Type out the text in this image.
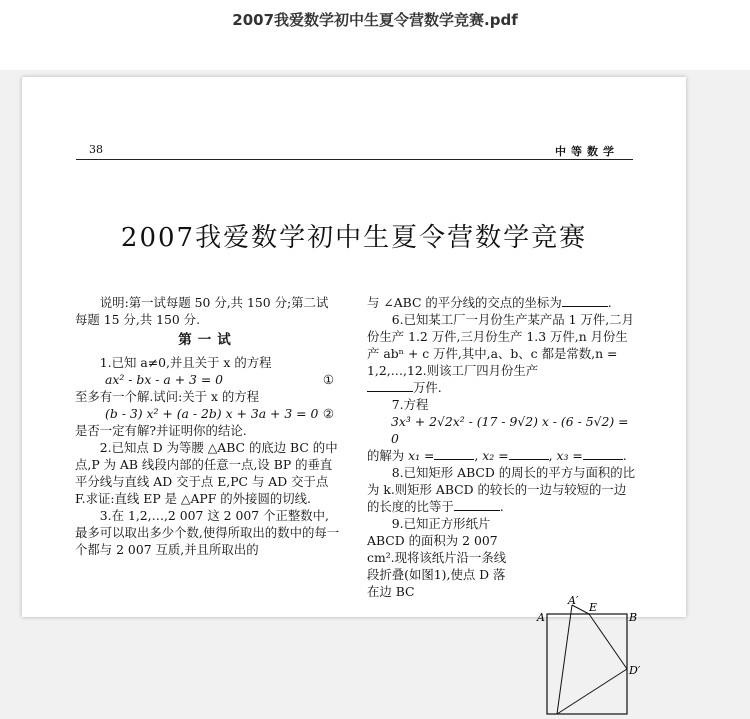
2007我爱数学初中生夏令营数学竞赛.pdf
38	中等数学
2007我爱数学初中生夏令营数学竞赛

说明:第一试每题 50 分,共 150 分;第二试每题 15 分,共 150 分.

第一试

1.已知 a≠0,并且关于 x 的方程

ax² - bx - a + 3 = 0	①

至多有一个解.试问:关于 x 的方程

(b - 3) x² + (a - 2b) x + 3a + 3 = 0 ②

是否一定有解?并证明你的结论.

2.已知点 D 为等腰 △ABC 的底边 BC 的中点,P 为 AB 线段内部的任意一点,设 BP 的垂直平分线与直线 AD 交于点 E,PC 与 AD 交于点 F.求证:直线 EP 是 △APF 的外接圆的切线.

3.在 1,2,…,2 007 这 2 007 个正整数中,最多可以取出多少个数,使得所取出的数中的每一个都与 2 007 互质,并且所取出的

与 ∠ABC 的平分线的交点的坐标为	.

6.已知某工厂一月份生产某产品 1 万件,二月份生产 1.2 万件,三月份生产 1.3 万件,n 月份生产 abⁿ + c 万件,其中,a、b、c 都是常数,n = 1,2,…,12.则该工厂四月份生产

万件.

7.方程

3x³ + 2√2x² - (17 - 9√2) x - (6 - 5√2) = 0

的解为 x₁ =	, x₂ =	, x₃ =	.

8.已知矩形 ABCD 的周长的平方与面积的比为 k.则矩形 ABCD 的较长的一边与较短的一边的长度的比等于	.

9.已知正方形纸片 ABCD 的面积为 2 007 cm².现将该纸片沿一条线段折叠(如图1),使点 D 落在边 BC

A
A′
E
B
D′
